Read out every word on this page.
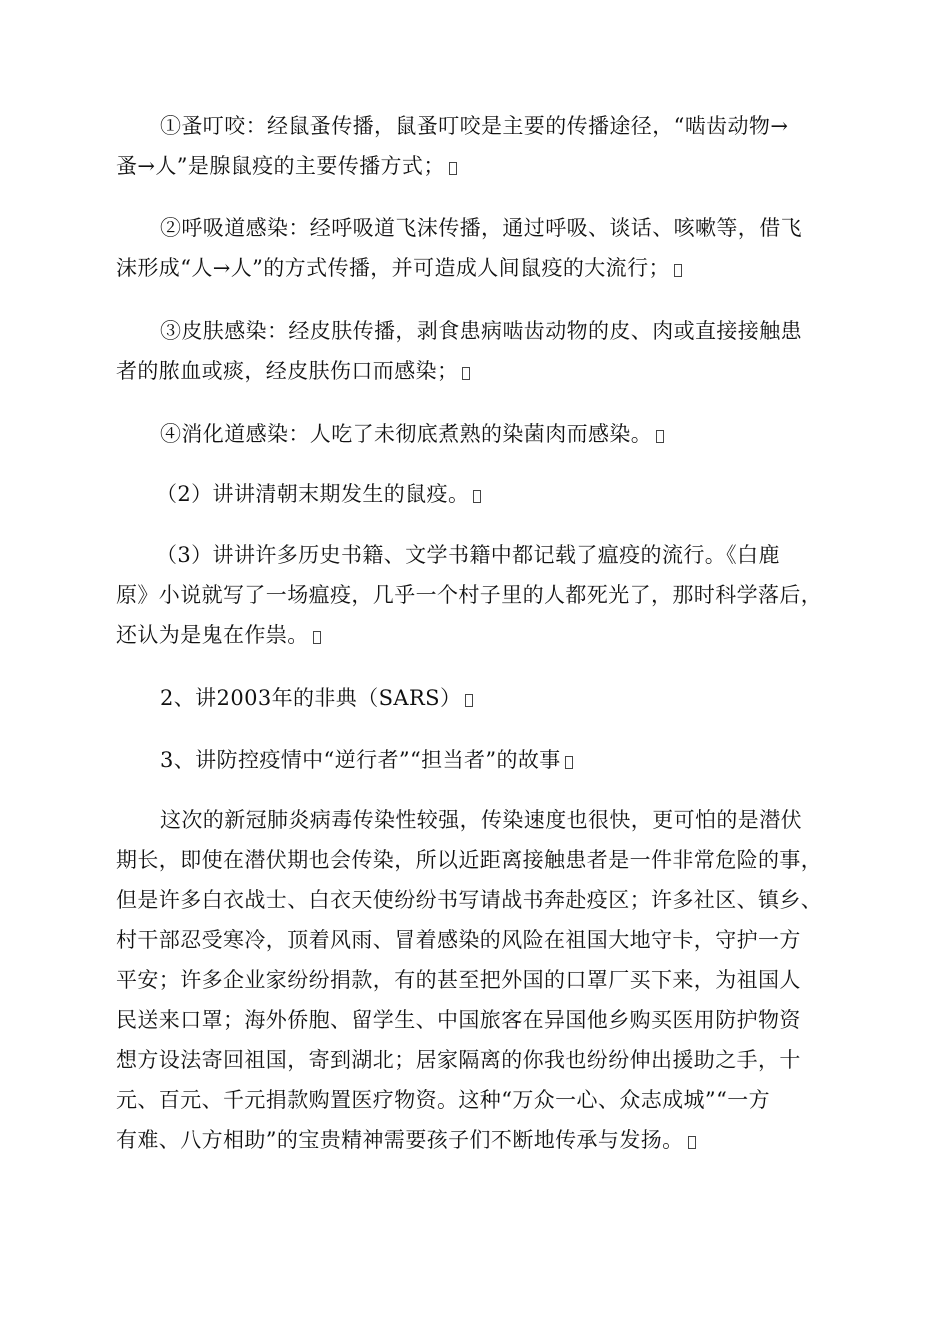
①蚤叮咬：经鼠蚤传播，鼠蚤叮咬是主要的传播途径，“啮齿动物→
蚤→人”是腺鼠疫的主要传播方式；

②呼吸道感染：经呼吸道飞沫传播，通过呼吸、谈话、咳嗽等，借飞
沫形成“人→人”的方式传播，并可造成人间鼠疫的大流行；

③皮肤感染：经皮肤传播，剥食患病啮齿动物的皮、肉或直接接触患
者的脓血或痰，经皮肤伤口而感染；

④消化道感染：人吃了未彻底煮熟的染菌肉而感染。

（2）讲讲清朝末期发生的鼠疫。

（3）讲讲许多历史书籍、文学书籍中都记载了瘟疫的流行。《白鹿
原》小说就写了一场瘟疫，几乎一个村子里的人都死光了，那时科学落后，
还认为是鬼在作祟。

2、讲2003年的非典（SARS）

3、讲防控疫情中“逆行者”“担当者”的故事

这次的新冠肺炎病毒传染性较强，传染速度也很快，更可怕的是潜伏
期长，即使在潜伏期也会传染，所以近距离接触患者是一件非常危险的事，
但是许多白衣战士、白衣天使纷纷书写请战书奔赴疫区；许多社区、镇乡、
村干部忍受寒冷，顶着风雨、冒着感染的风险在祖国大地守卡，守护一方
平安；许多企业家纷纷捐款，有的甚至把外国的口罩厂买下来，为祖国人
民送来口罩；海外侨胞、留学生、中国旅客在异国他乡购买医用防护物资
想方设法寄回祖国，寄到湖北；居家隔离的你我也纷纷伸出援助之手，十
元、百元、千元捐款购置医疗物资。这种“万众一心、众志成城”“一方
有难、八方相助”的宝贵精神需要孩子们不断地传承与发扬。
